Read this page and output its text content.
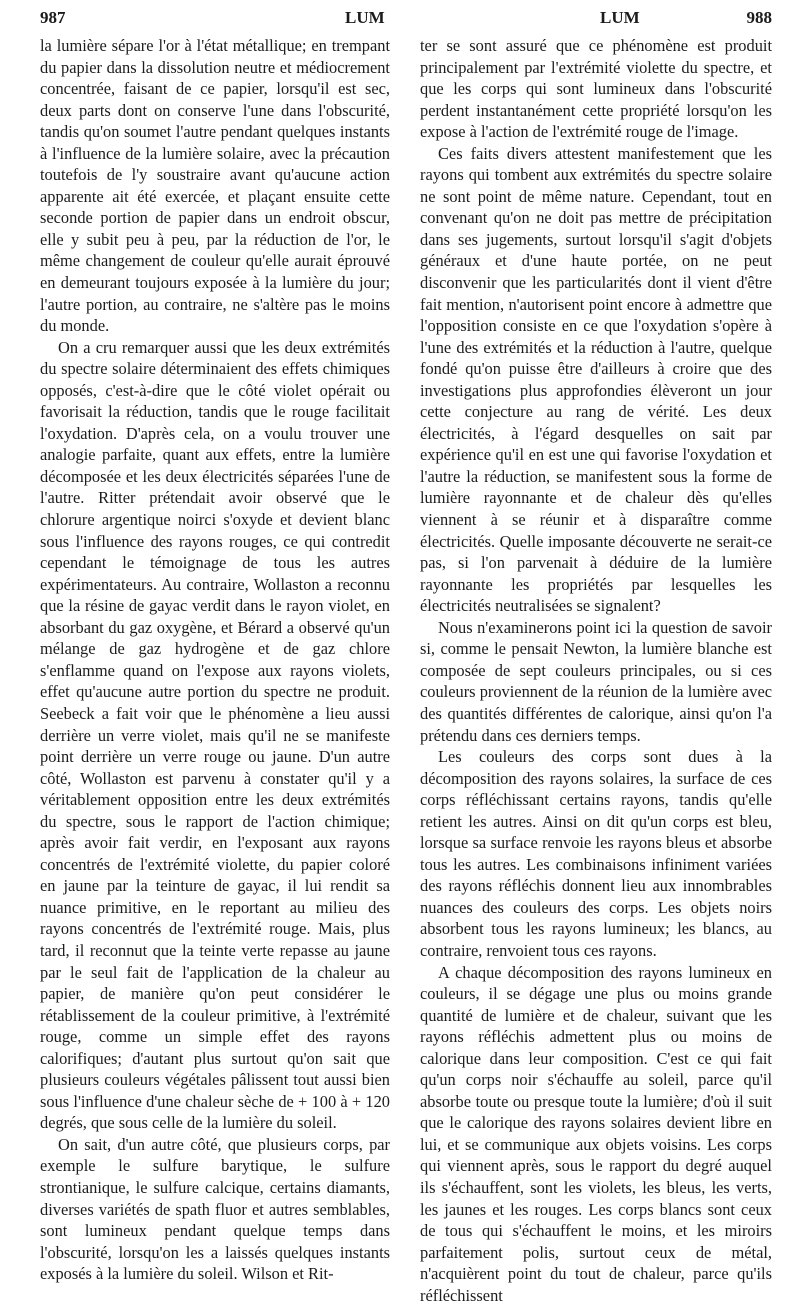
987	LUM	LUM	988

la lumière sépare l'or à l'état métallique; en trempant du papier dans la dissolution neutre et médiocrement concentrée, faisant de ce papier, lorsqu'il est sec, deux parts dont on conserve l'une dans l'obscurité, tandis qu'on soumet l'autre pendant quelques instants à l'influence de la lumière solaire, avec la précaution toutefois de l'y soustraire avant qu'aucune action apparente ait été exercée, et plaçant ensuite cette seconde portion de papier dans un endroit obscur, elle y subit peu à peu, par la réduction de l'or, le même changement de couleur qu'elle aurait éprouvé en demeurant toujours exposée à la lumière du jour; l'autre portion, au contraire, ne s'altère pas le moins du monde.

On a cru remarquer aussi que les deux extrémités du spectre solaire déterminaient des effets chimiques opposés, c'est-à-dire que le côté violet opérait ou favorisait la réduction, tandis que le rouge facilitait l'oxydation. D'après cela, on a voulu trouver une analogie parfaite, quant aux effets, entre la lumière décomposée et les deux électricités séparées l'une de l'autre. Ritter prétendait avoir observé que le chlorure argentique noirci s'oxyde et devient blanc sous l'influence des rayons rouges, ce qui contredit cependant le témoignage de tous les autres expérimentateurs. Au contraire, Wollaston a reconnu que la résine de gayac verdit dans le rayon violet, en absorbant du gaz oxygène, et Bérard a observé qu'un mélange de gaz hydrogène et de gaz chlore s'enflamme quand on l'expose aux rayons violets, effet qu'aucune autre portion du spectre ne produit. Seebeck a fait voir que le phénomène a lieu aussi derrière un verre violet, mais qu'il ne se manifeste point derrière un verre rouge ou jaune. D'un autre côté, Wollaston est parvenu à constater qu'il y a véritablement opposition entre les deux extrémités du spectre, sous le rapport de l'action chimique; après avoir fait verdir, en l'exposant aux rayons concentrés de l'extrémité violette, du papier coloré en jaune par la teinture de gayac, il lui rendit sa nuance primitive, en le reportant au milieu des rayons concentrés de l'extrémité rouge. Mais, plus tard, il reconnut que la teinte verte repasse au jaune par le seul fait de l'application de la chaleur au papier, de manière qu'on peut considérer le rétablissement de la couleur primitive, à l'extrémité rouge, comme un simple effet des rayons calorifiques; d'autant plus surtout qu'on sait que plusieurs couleurs végétales pâlissent tout aussi bien sous l'influence d'une chaleur sèche de + 100 à + 120 degrés, que sous celle de la lumière du soleil.

On sait, d'un autre côté, que plusieurs corps, par exemple le sulfure barytique, le sulfure strontianique, le sulfure calcique, certains diamants, diverses variétés de spath fluor et autres semblables, sont lumineux pendant quelque temps dans l'obscurité, lorsqu'on les a laissés quelques instants exposés à la lumière du soleil. Wilson et Rit-

ter se sont assuré que ce phénomène est produit principalement par l'extrémité violette du spectre, et que les corps qui sont lumineux dans l'obscurité perdent instantanément cette propriété lorsqu'on les expose à l'action de l'extrémité rouge de l'image.

Ces faits divers attestent manifestement que les rayons qui tombent aux extrémités du spectre solaire ne sont point de même nature. Cependant, tout en convenant qu'on ne doit pas mettre de précipitation dans ses jugements, surtout lorsqu'il s'agit d'objets généraux et d'une haute portée, on ne peut disconvenir que les particularités dont il vient d'être fait mention, n'autorisent point encore à admettre que l'opposition consiste en ce que l'oxydation s'opère à l'une des extrémités et la réduction à l'autre, quelque fondé qu'on puisse être d'ailleurs à croire que des investigations plus approfondies élèveront un jour cette conjecture au rang de vérité. Les deux électricités, à l'égard desquelles on sait par expérience qu'il en est une qui favorise l'oxydation et l'autre la réduction, se manifestent sous la forme de lumière rayonnante et de chaleur dès qu'elles viennent à se réunir et à disparaître comme électricités. Quelle imposante découverte ne serait-ce pas, si l'on parvenait à déduire de la lumière rayonnante les propriétés par lesquelles les électricités neutralisées se signalent?

Nous n'examinerons point ici la question de savoir si, comme le pensait Newton, la lumière blanche est composée de sept couleurs principales, ou si ces couleurs proviennent de la réunion de la lumière avec des quantités différentes de calorique, ainsi qu'on l'a prétendu dans ces derniers temps.

Les couleurs des corps sont dues à la décomposition des rayons solaires, la surface de ces corps réfléchissant certains rayons, tandis qu'elle retient les autres. Ainsi on dit qu'un corps est bleu, lorsque sa surface renvoie les rayons bleus et absorbe tous les autres. Les combinaisons infiniment variées des rayons réfléchis donnent lieu aux innombrables nuances des couleurs des corps. Les objets noirs absorbent tous les rayons lumineux; les blancs, au contraire, renvoient tous ces rayons.

A chaque décomposition des rayons lumineux en couleurs, il se dégage une plus ou moins grande quantité de lumière et de chaleur, suivant que les rayons réfléchis admettent plus ou moins de calorique dans leur composition. C'est ce qui fait qu'un corps noir s'échauffe au soleil, parce qu'il absorbe toute ou presque toute la lumière; d'où il suit que le calorique des rayons solaires devient libre en lui, et se communique aux objets voisins. Les corps qui viennent après, sous le rapport du degré auquel ils s'échauffent, sont les violets, les bleus, les verts, les jaunes et les rouges. Les corps blancs sont ceux de tous qui s'échauffent le moins, et les miroirs parfaitement polis, surtout ceux de métal, n'acquièrent point du tout de chaleur, parce qu'ils réfléchissent
